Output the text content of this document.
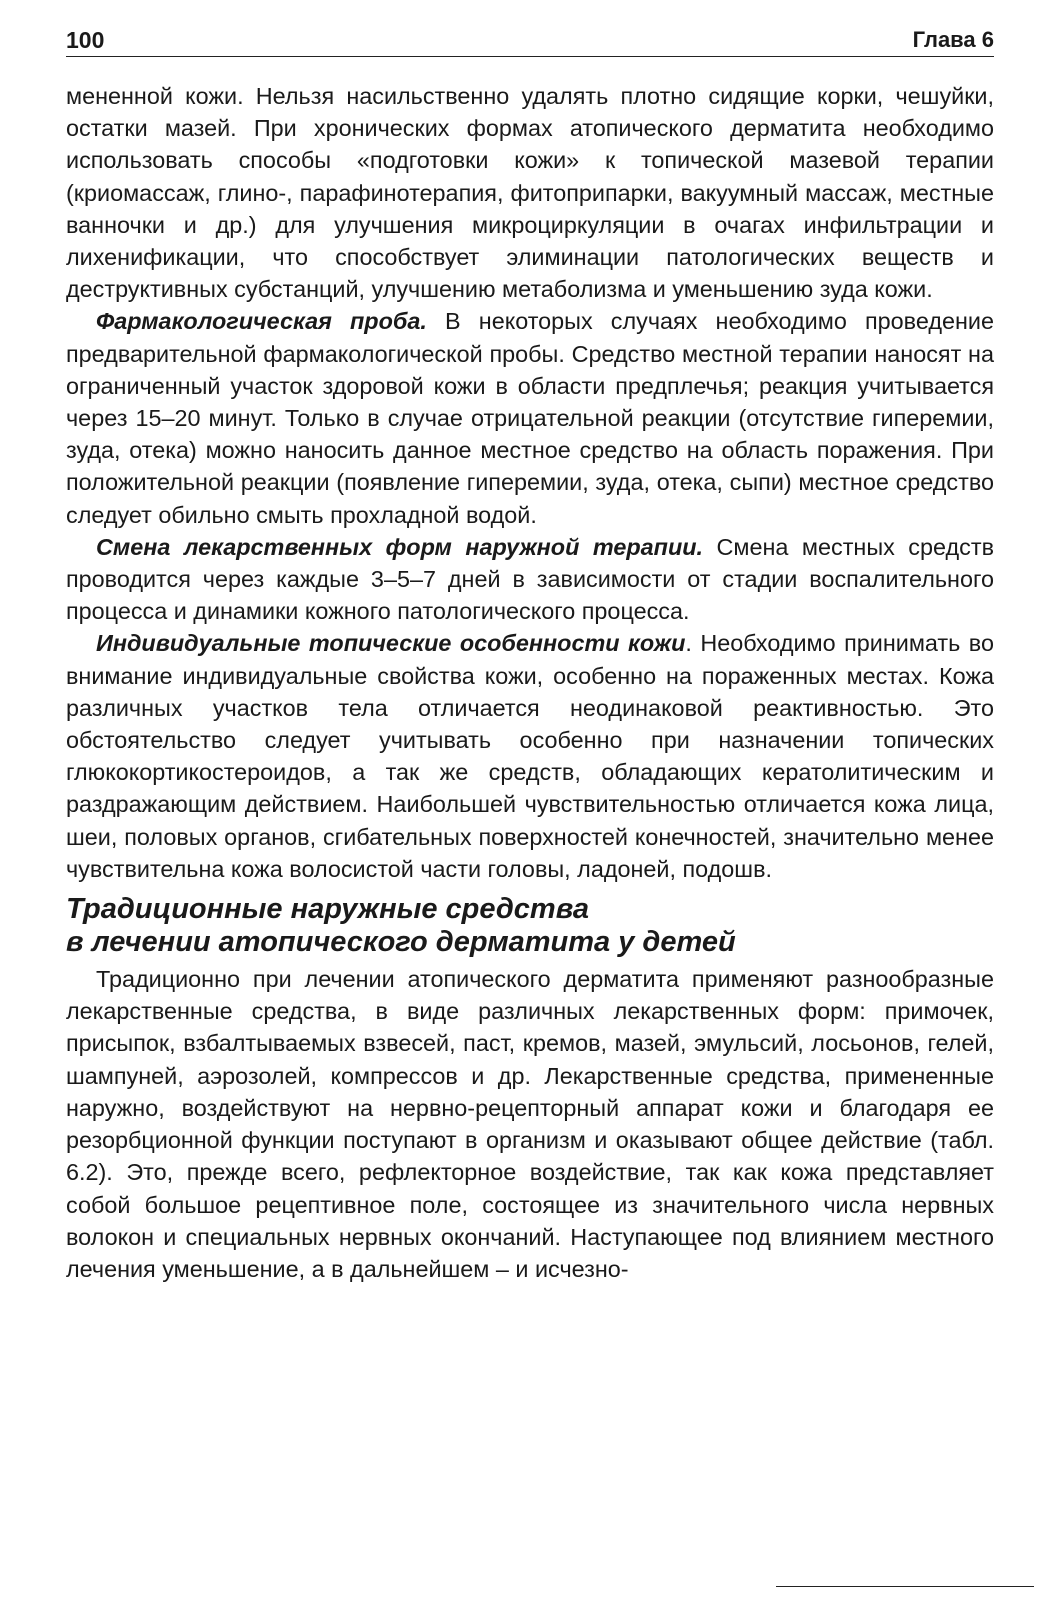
100	Глава 6

мененной кожи. Нельзя насильственно удалять плотно сидящие корки, чешуйки, остатки мазей. При хронических формах атопического дерматита необходимо использовать способы «подготовки кожи» к топической мазевой терапии (криомассаж, глино-, парафинотерапия, фитоприпарки, вакуумный массаж, местные ванночки и др.) для улучшения микроциркуляции в очагах инфильтрации и лихенификации, что способствует элиминации патологических веществ и деструктивных субстанций, улучшению метаболизма и уменьшению зуда кожи.

Фармакологическая проба. В некоторых случаях необходимо проведение предварительной фармакологической пробы. Средство местной терапии наносят на ограниченный участок здоровой кожи в области предплечья; реакция учитывается через 15–20 минут. Только в случае отрицательной реакции (отсутствие гиперемии, зуда, отека) можно наносить данное местное средство на область поражения. При положительной реакции (появление гиперемии, зуда, отека, сыпи) местное средство следует обильно смыть прохладной водой.

Смена лекарственных форм наружной терапии. Смена местных средств проводится через каждые 3–5–7 дней в зависимости от стадии воспалительного процесса и динамики кожного патологического процесса.

Индивидуальные топические особенности кожи. Необходимо принимать во внимание индивидуальные свойства кожи, особенно на пораженных местах. Кожа различных участков тела отличается неодинаковой реактивностью. Это обстоятельство следует учитывать особенно при назначении топических глюкокортикостероидов, а так же средств, обладающих кератолитическим и раздражающим действием. Наибольшей чувствительностью отличается кожа лица, шеи, половых органов, сгибательных поверхностей конечностей, значительно менее чувствительна кожа волосистой части головы, ладоней, подошв.

Традиционные наружные средства
в лечении атопического дерматита у детей

Традиционно при лечении атопического дерматита применяют разнообразные лекарственные средства, в виде различных лекарственных форм: примочек, присыпок, взбалтываемых взвесей, паст, кремов, мазей, эмульсий, лосьонов, гелей, шампуней, аэрозолей, компрессов и др. Лекарственные средства, примененные наружно, воздействуют на нервно-рецепторный аппарат кожи и благодаря ее резорбционной функции поступают в организм и оказывают общее действие (табл. 6.2). Это, прежде всего, рефлекторное воздействие, так как кожа представляет собой большое рецептивное поле, состоящее из значительного числа нервных волокон и специальных нервных окончаний. Наступающее под влиянием местного лечения уменьшение, а в дальнейшем – и исчезно-
